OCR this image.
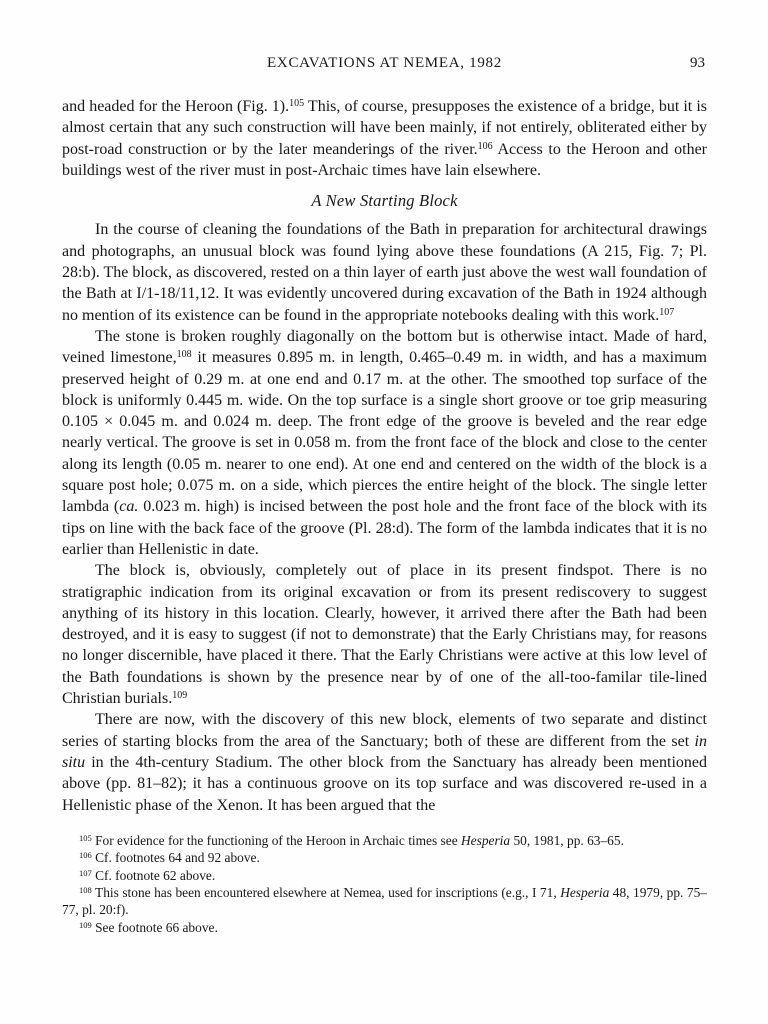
EXCAVATIONS AT NEMEA, 1982	93

and headed for the Heroon (Fig. 1).$^{105}$ This, of course, presupposes the existence of a bridge, but it is almost certain that any such construction will have been mainly, if not entirely, obliterated either by post-road construction or by the later meanderings of the river.$^{106}$ Access to the Heroon and other buildings west of the river must in post-Archaic times have lain elsewhere.

A New Starting Block

In the course of cleaning the foundations of the Bath in preparation for architectural drawings and photographs, an unusual block was found lying above these foundations (A 215, Fig. 7; Pl. 28:b). The block, as discovered, rested on a thin layer of earth just above the west wall foundation of the Bath at I/1-18/11,12. It was evidently uncovered during excavation of the Bath in 1924 although no mention of its existence can be found in the appropriate notebooks dealing with this work.$^{107}$

The stone is broken roughly diagonally on the bottom but is otherwise intact. Made of hard, veined limestone,$^{108}$ it measures 0.895 m. in length, 0.465–0.49 m. in width, and has a maximum preserved height of 0.29 m. at one end and 0.17 m. at the other. The smoothed top surface of the block is uniformly 0.445 m. wide. On the top surface is a single short groove or toe grip measuring 0.105 × 0.045 m. and 0.024 m. deep. The front edge of the groove is beveled and the rear edge nearly vertical. The groove is set in 0.058 m. from the front face of the block and close to the center along its length (0.05 m. nearer to one end). At one end and centered on the width of the block is a square post hole; 0.075 m. on a side, which pierces the entire height of the block. The single letter lambda (ca. 0.023 m. high) is incised between the post hole and the front face of the block with its tips on line with the back face of the groove (Pl. 28:d). The form of the lambda indicates that it is no earlier than Hellenistic in date.

The block is, obviously, completely out of place in its present findspot. There is no stratigraphic indication from its original excavation or from its present rediscovery to suggest anything of its history in this location. Clearly, however, it arrived there after the Bath had been destroyed, and it is easy to suggest (if not to demonstrate) that the Early Christians may, for reasons no longer discernible, have placed it there. That the Early Christians were active at this low level of the Bath foundations is shown by the presence near by of one of the all-too-familar tile-lined Christian burials.$^{109}$

There are now, with the discovery of this new block, elements of two separate and distinct series of starting blocks from the area of the Sanctuary; both of these are different from the set in situ in the 4th-century Stadium. The other block from the Sanctuary has already been mentioned above (pp. 81–82); it has a continuous groove on its top surface and was discovered re-used in a Hellenistic phase of the Xenon. It has been argued that the

$^{105}$ For evidence for the functioning of the Heroon in Archaic times see Hesperia 50, 1981, pp. 63–65.

$^{106}$ Cf. footnotes 64 and 92 above.

$^{107}$ Cf. footnote 62 above.

$^{108}$ This stone has been encountered elsewhere at Nemea, used for inscriptions (e.g., I 71, Hesperia 48, 1979, pp. 75–77, pl. 20:f).

$^{109}$ See footnote 66 above.
